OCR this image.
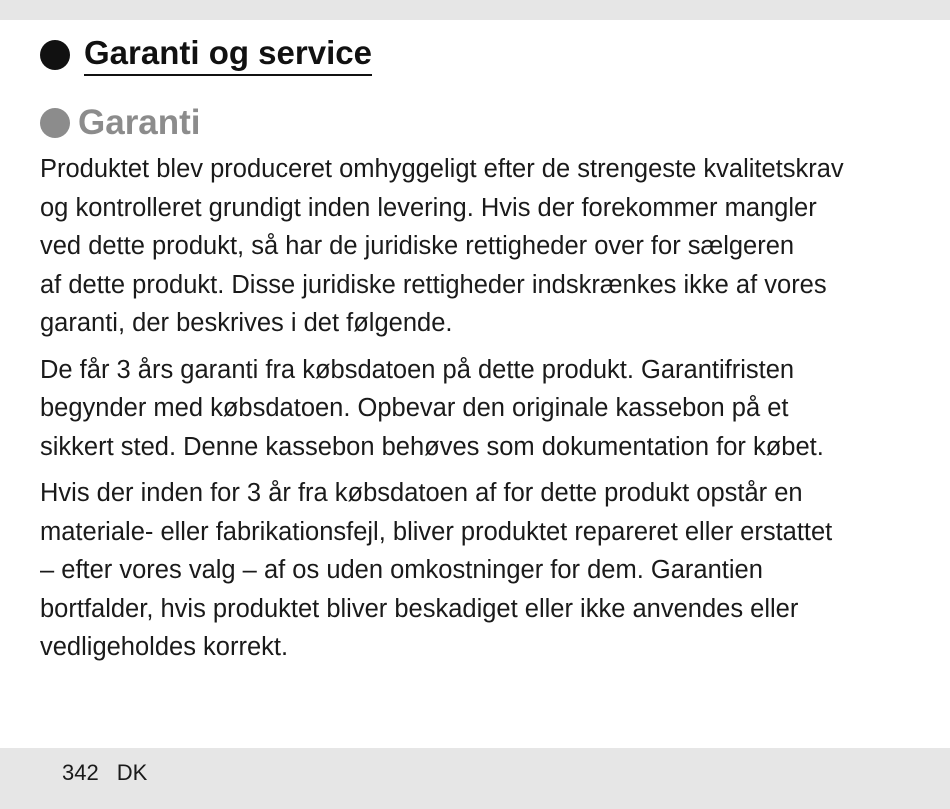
Garanti og service
Garanti

Produktet blev produceret omhyggeligt efter de strengeste kvalitetskrav
og kontrolleret grundigt inden levering. Hvis der forekommer mangler
ved dette produkt, så har de juridiske rettigheder over for sælgeren
af dette produkt. Disse juridiske rettigheder indskrænkes ikke af vores
garanti, der beskrives i det følgende.

De får 3 års garanti fra købsdatoen på dette produkt. Garantifristen
begynder med købsdatoen. Opbevar den originale kassebon på et
sikkert sted. Denne kassebon behøves som dokumentation for købet.

Hvis der inden for 3 år fra købsdatoen af for dette produkt opstår en
materiale- eller fabrikationsfejl, bliver produktet repareret eller erstattet
– efter vores valg – af os uden omkostninger for dem. Garantien
bortfalder, hvis produktet bliver beskadiget eller ikke anvendes eller
vedligeholdes korrekt.

342 DK
